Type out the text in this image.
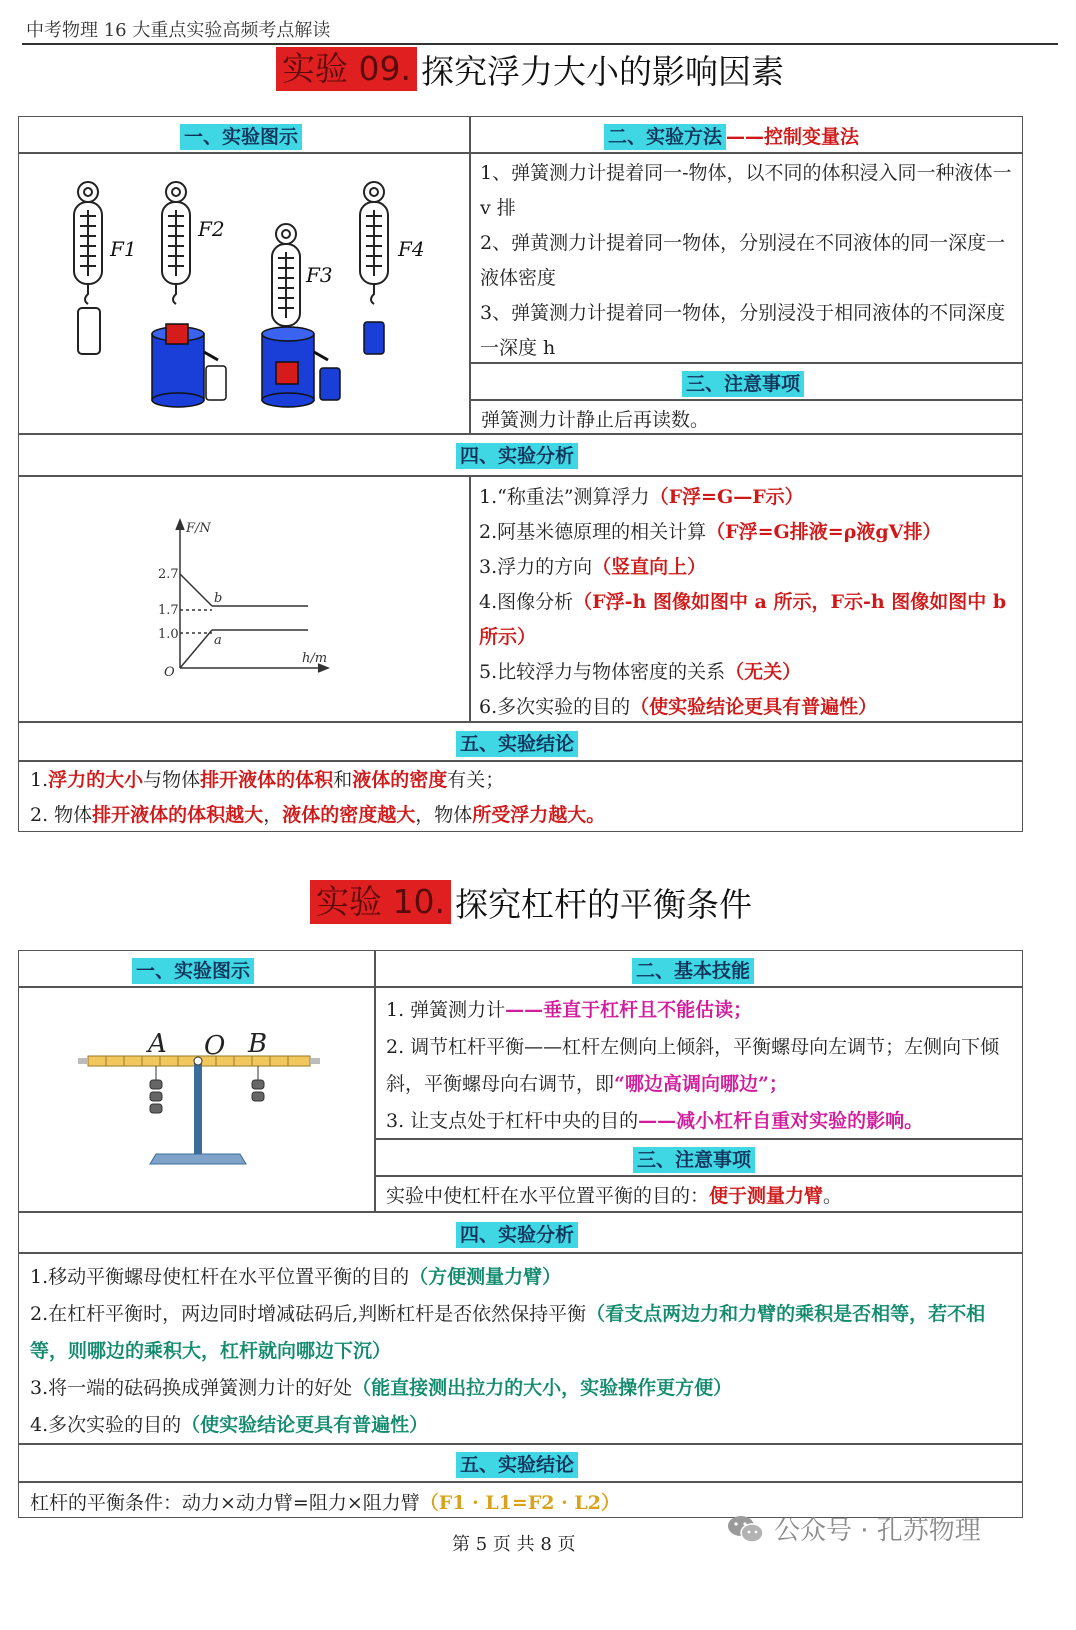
中考物理 16 大重点实验高频考点解读
实验 09. 探究浮力大小的影响因素
一、实验图示	二、实验方法 ——控制变量法
F1
F2
F3
F4
1、弹簧测力计提着同一-物体，以不同的体积浸入同一种液体一 v 排
2、弹黄测力计提着同一物体，分别浸在不同液体的同一深度一液体密度
3、弹簧测力计提着同一物体，分别浸没于相同液体的不同深度一深度 h
三、注意事项
弹簧测力计静止后再读数。
四、实验分析
F/N
h/m
O
2.7
1.7
1.0
b
a
1.“称重法”测算浮力（F浮=G—F示）
2.阿基米德原理的相关计算（F浮=G排液=ρ液gV排）
3.浮力的方向（竖直向上）
4.图像分析（F浮-h 图像如图中 a 所示，F示-h 图像如图中 b 所示）
5.比较浮力与物体密度的关系（无关）
6.多次实验的目的（使实验结论更具有普遍性）
五、实验结论
1.浮力的大小与物体排开液体的体积和液体的密度有关；
2. 物体排开液体的体积越大，液体的密度越大，物体所受浮力越大。
实验 10. 探究杠杆的平衡条件
一、实验图示	二、基本技能
A O B
1. 弹簧测力计——垂直于杠杆且不能估读；
2. 调节杠杆平衡——杠杆左侧向上倾斜，平衡螺母向左调节；左侧向下倾斜，平衡螺母向右调节，即“哪边高调向哪边”；
3. 让支点处于杠杆中央的目的——减小杠杆自重对实验的影响。
三、注意事项
实验中使杠杆在水平位置平衡的目的：便于测量力臂。
四、实验分析
1.移动平衡螺母使杠杆在水平位置平衡的目的（方便测量力臂）
2.在杠杆平衡时，两边同时增减砝码后,判断杠杆是否依然保持平衡（看支点两边力和力臂的乘积是否相等，若不相等，则哪边的乘积大，杠杆就向哪边下沉）
3.将一端的砝码换成弹簧测力计的好处（能直接测出拉力的大小，实验操作更方便）
4.多次实验的目的（使实验结论更具有普遍性）
五、实验结论
杠杆的平衡条件：动力×动力臂=阻力×阻力臂（F1 · L1=F2 · L2）
第 5 页 共 8 页	公众号 · 孔苏物理
